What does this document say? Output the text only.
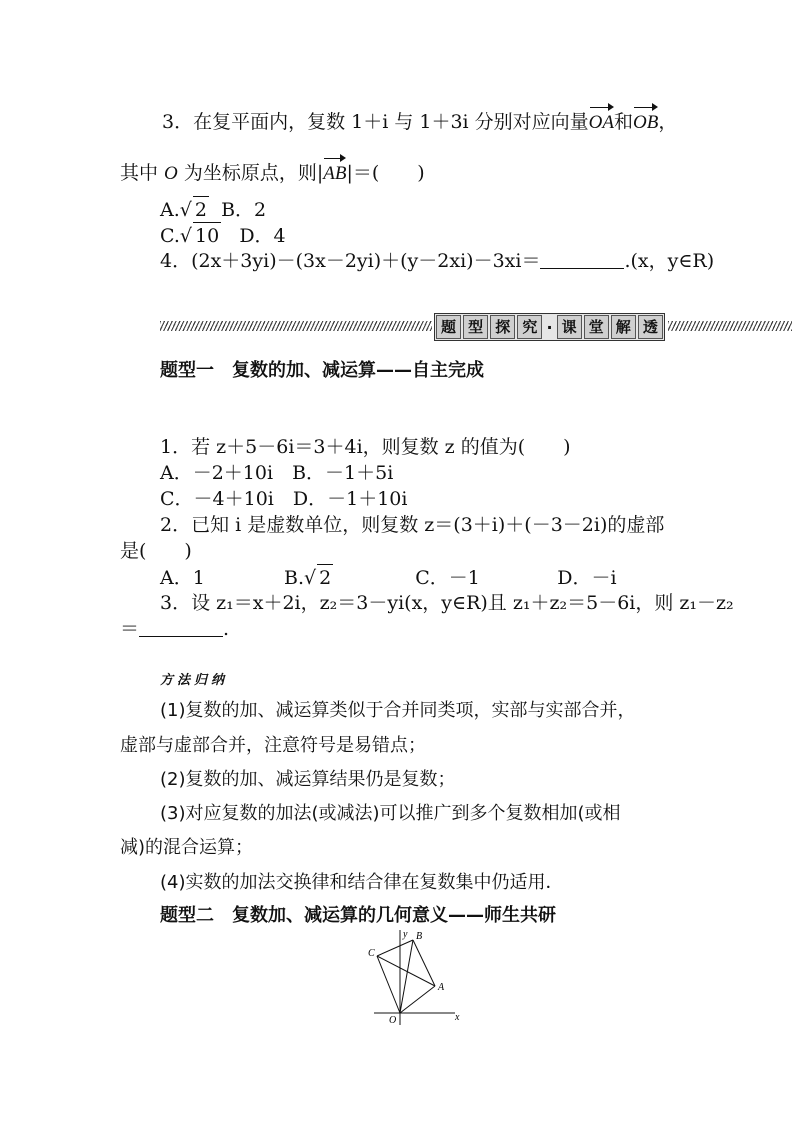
3．在复平面内，复数 1＋i 与 1＋3i 分别对应向量OA和OB，
其中 O 为坐标原点，则|AB|＝(　　)
A.√ 2 B．2
C.√ 10 D．4
4．(2x＋3yi)－(3x－2yi)＋(y－2xi)－3xi＝	.(x，y∈R)
题 型 探 究 · 课 堂 解 透
题型一　复数的加、减运算——自主完成
1．若 z＋5－6i＝3＋4i，则复数 z 的值为(　　)
A．－2＋10i　B．－1＋5i
C．－4＋10i　D．－1＋10i
2．已知 i 是虚数单位，则复数 z＝(3＋i)＋(－3－2i)的虚部
是(　　)
A．1	B.√ 2	C．－1	D．－i
3．设 z₁＝x＋2i，z₂＝3－yi(x，y∈R)且 z₁＋z₂＝5－6i，则 z₁－z₂
＝	.
方法归纳
(1)复数的加、减运算类似于合并同类项，实部与实部合并，
虚部与虚部合并，注意符号是易错点；
(2)复数的加、减运算结果仍是复数；
(3)对应复数的加法(或减法)可以推广到多个复数相加(或相
减)的混合运算；
(4)实数的加法交换律和结合律在复数集中仍适用．
题型二　复数加、减运算的几何意义——师生共研
y B
C
A
O	x
